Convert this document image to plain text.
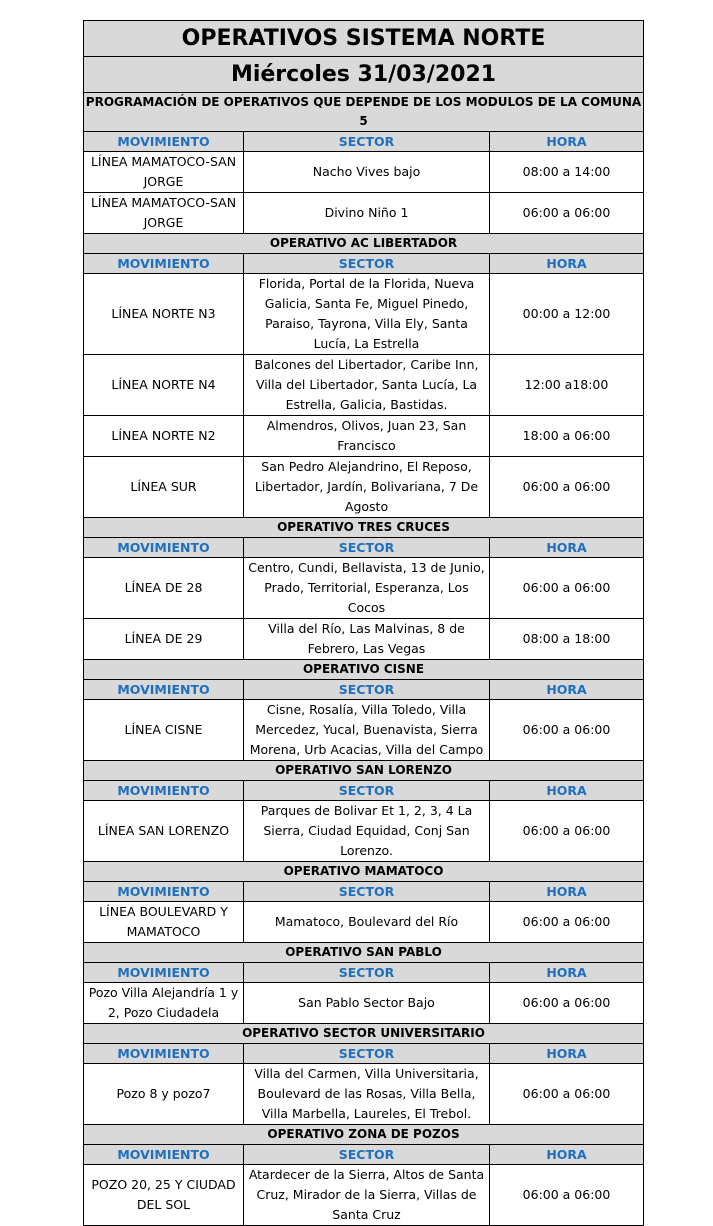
OPERATIVOS SISTEMA NORTE		
Miércoles 31/03/2021		
PROGRAMACIÓN DE OPERATIVOS QUE DEPENDE DE LOS MODULOS DE LA COMUNA 5		
MOVIMIENTO	SECTOR	HORA
LÍNEA MAMATOCO-SAN JORGE	Nacho Vives bajo	08:00 a 14:00
LÍNEA MAMATOCO-SAN JORGE	Divino Niño 1	06:00 a 06:00
OPERATIVO AC LIBERTADOR		
MOVIMIENTO	SECTOR	HORA
LÍNEA NORTE N3	Florida, Portal de la Florida, Nueva Galicia, Santa Fe, Miguel Pinedo, Paraiso, Tayrona, Villa Ely, Santa Lucía, La Estrella	00:00 a 12:00
LÍNEA NORTE N4	Balcones del Libertador, Caribe Inn, Villa del Libertador, Santa Lucía, La Estrella, Galicia, Bastidas.	12:00 a18:00
LÍNEA NORTE N2	Almendros, Olivos, Juan 23, San Francisco	18:00 a 06:00
LÍNEA SUR	San Pedro Alejandrino, El Reposo, Libertador, Jardín, Bolivariana, 7 De Agosto	06:00 a 06:00
OPERATIVO TRES CRUCES		
MOVIMIENTO	SECTOR	HORA
LÍNEA DE 28	Centro, Cundi, Bellavista, 13 de Junio, Prado, Territorial, Esperanza, Los Cocos	06:00 a 06:00
LÍNEA DE 29	Villa del Río, Las Malvinas, 8 de Febrero, Las Vegas	08:00 a 18:00
OPERATIVO CISNE		
MOVIMIENTO	SECTOR	HORA
LÍNEA CISNE	Cisne, Rosalía, Villa Toledo, Villa Mercedez, Yucal, Buenavista, Sierra Morena, Urb Acacias, Villa del Campo	06:00 a 06:00
OPERATIVO SAN LORENZO		
MOVIMIENTO	SECTOR	HORA
LÍNEA SAN LORENZO	Parques de Bolivar Et 1, 2, 3, 4 La Sierra, Ciudad Equidad, Conj San Lorenzo.	06:00 a 06:00
OPERATIVO MAMATOCO		
MOVIMIENTO	SECTOR	HORA
LÍNEA BOULEVARD Y MAMATOCO	Mamatoco, Boulevard del Río	06:00 a 06:00
OPERATIVO SAN PABLO		
MOVIMIENTO	SECTOR	HORA
Pozo Villa Alejandría 1 y 2, Pozo Ciudadela	San Pablo Sector Bajo	06:00 a 06:00
OPERATIVO SECTOR UNIVERSITARIO		
MOVIMIENTO	SECTOR	HORA
Pozo 8 y pozo7	Villa del Carmen, Villa Universitaria, Boulevard de las Rosas, Villa Bella, Villa Marbella, Laureles, El Trebol.	06:00 a 06:00
OPERATIVO ZONA DE POZOS		
MOVIMIENTO	SECTOR	HORA
POZO 20, 25 Y CIUDAD DEL SOL	Atardecer de la Sierra, Altos de Santa Cruz, Mirador de la Sierra, Villas de Santa Cruz	06:00 a 06:00
